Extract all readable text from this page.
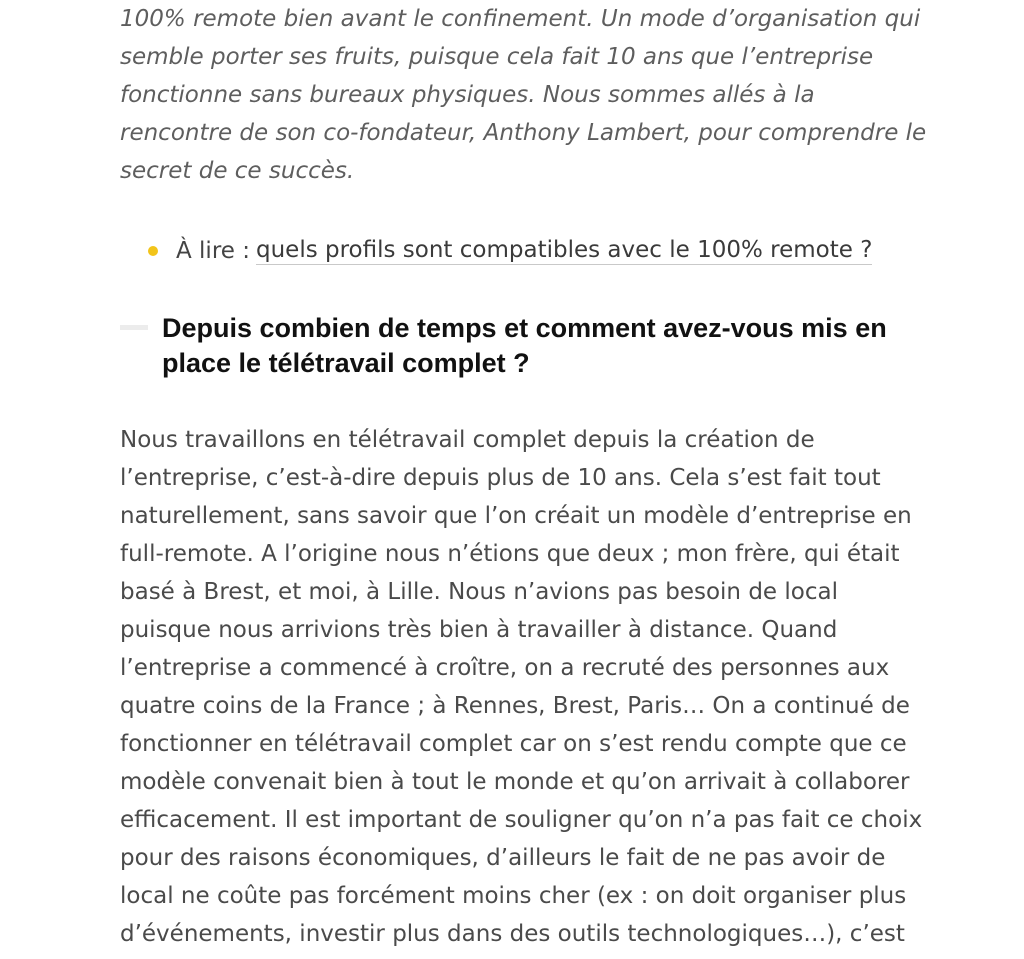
100% remote bien avant le confinement. Un mode d’organisation qui
semble porter ses fruits, puisque cela fait 10 ans que l’entreprise
fonctionne sans bureaux physiques. Nous sommes allés à la
rencontre de son co-fondateur, Anthony Lambert, pour comprendre le
secret de ce succès.

À lire : quels profils sont compatibles avec le 100% remote ?
Depuis combien de temps et comment avez-vous mis en
place le télétravail complet ?

Nous travaillons en télétravail complet depuis la création de
l’entreprise, c’est-à-dire depuis plus de 10 ans. Cela s’est fait tout
naturellement, sans savoir que l’on créait un modèle d’entreprise en
full-remote. A l’origine nous n’étions que deux ; mon frère, qui était
basé à Brest, et moi, à Lille. Nous n’avions pas besoin de local
puisque nous arrivions très bien à travailler à distance. Quand
l’entreprise a commencé à croître, on a recruté des personnes aux
quatre coins de la France ; à Rennes, Brest, Paris… On a continué de
fonctionner en télétravail complet car on s’est rendu compte que ce
modèle convenait bien à tout le monde et qu’on arrivait à collaborer
efficacement. Il est important de souligner qu’on n’a pas fait ce choix
pour des raisons économiques, d’ailleurs le fait de ne pas avoir de
local ne coûte pas forcément moins cher (ex : on doit organiser plus
d’événements, investir plus dans des outils technologiques…), c’est
